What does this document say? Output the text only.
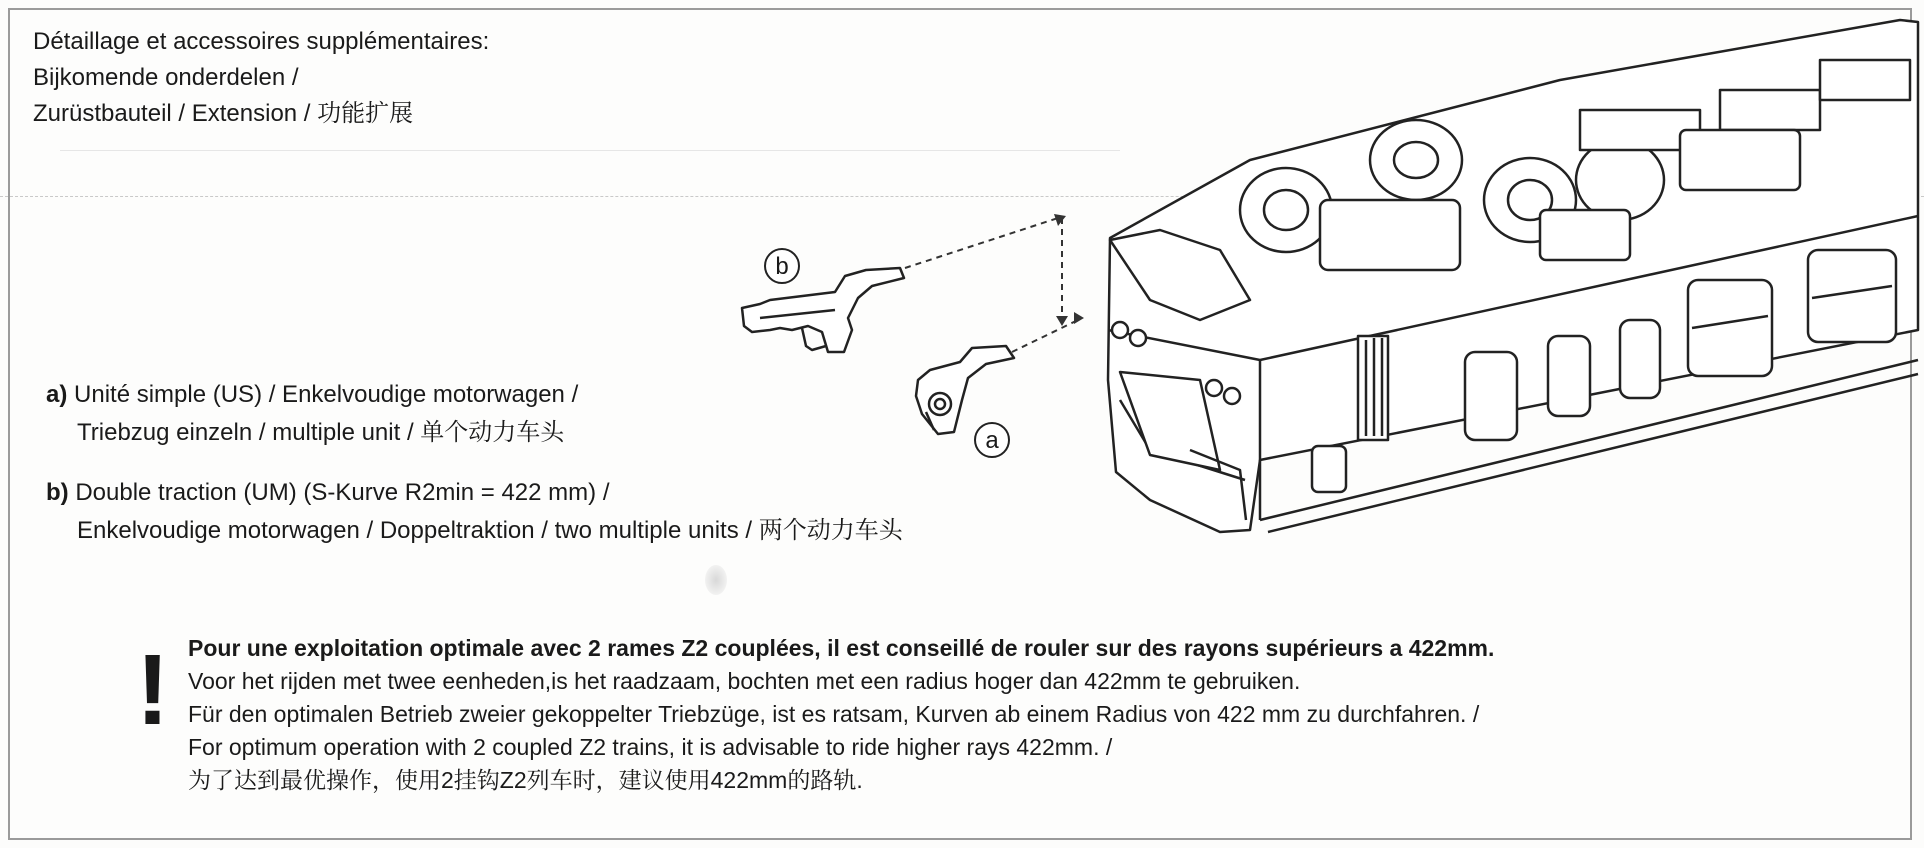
Détaillage et accessoires supplémentaires:
Bijkomende onderdelen /
Zurüstbauteil / Extension / 功能扩展
b
a
a) Unité simple (US) / Enkelvoudige motorwagen /
Triebzug einzeln / multiple unit / 单个动力车头
b) Double traction (UM) (S-Kurve R2min = 422 mm) /
Enkelvoudige motorwagen / Doppeltraktion / two multiple units / 两个动力车头
! Pour une exploitation optimale avec 2 rames Z2 couplées, il est conseillé de rouler sur des rayons supérieurs a 422mm.
Voor het rijden met twee eenheden,is het raadzaam, bochten met een radius hoger dan 422mm te gebruiken.
Für den optimalen Betrieb zweier gekoppelter Triebzüge, ist es ratsam, Kurven ab einem Radius von 422 mm zu durchfahren. /
For optimum operation with 2 coupled Z2 trains, it is advisable to ride higher rays 422mm. /
为了达到最优操作，使用2挂钩Z2列车时，建议使用422mm的路轨.
